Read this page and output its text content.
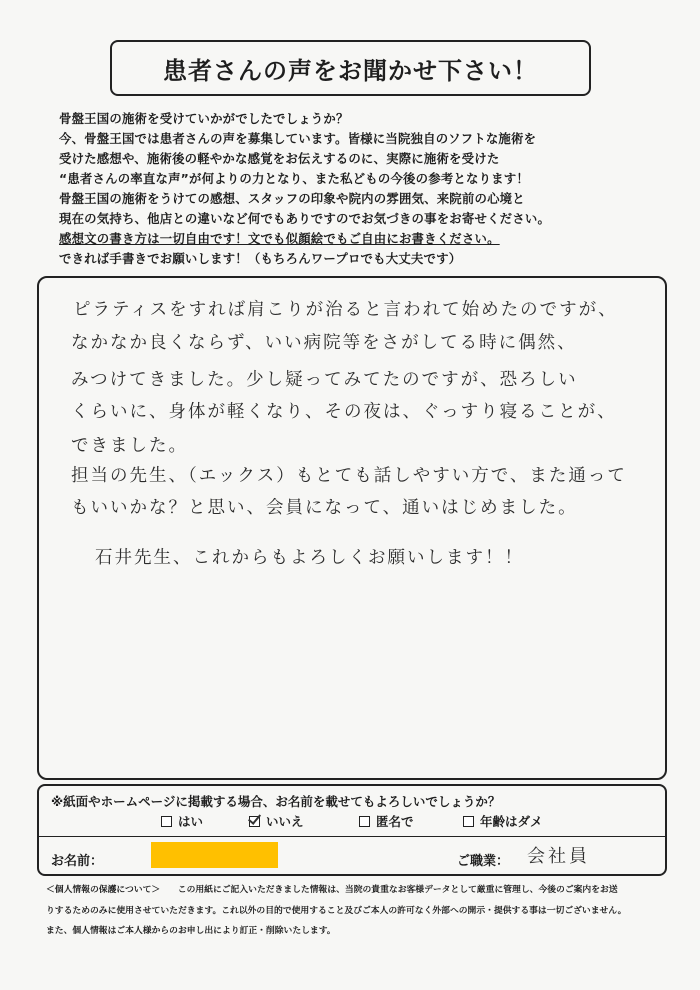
患者さんの声をお聞かせ下さい！
骨盤王国の施術を受けていかがでしたでしょうか？
今、骨盤王国では患者さんの声を募集しています。皆様に当院独自のソフトな施術を
受けた感想や、施術後の軽やかな感覚をお伝えするのに、実際に施術を受けた
“患者さんの率直な声”が何よりの力となり、また私どもの今後の参考となります！
骨盤王国の施術をうけての感想、スタッフの印象や院内の雰囲気、来院前の心境と
現在の気持ち、他店との違いなど何でもありですのでお気づきの事をお寄せください。
感想文の書き方は一切自由です！文でも似顔絵でもご自由にお書きください。
できれば手書きでお願いします！（もちろんワープロでも大丈夫です）
ピラティスをすれば肩こりが治ると言われて始めたのですが、
なかなか良くならず、いい病院等をさがしてる時に偶然、
みつけてきました。少し疑ってみてたのですが、恐ろしい
くらいに、身体が軽くなり、その夜は、ぐっすり寝ることが、
できました。
担当の先生、（エックス）もとても話しやすい方で、また通って
もいいかな？と思い、会員になって、通いはじめました。
石井先生、これからもよろしくお願いします！！
※紙面やホームページに掲載する場合、お名前を載せてもよろしいでしょうか？
はい	いいえ	匿名で	年齢はダメ
お名前：	ご職業： 会社員
＜個人情報の保護について＞　　この用紙にご記入いただきました情報は、当院の貴重なお客様データとして厳重に管理し、今後のご案内をお送
りするためのみに使用させていただきます。これ以外の目的で使用すること及びご本人の許可なく外部への開示・提供する事は一切ございません。
また、個人情報はご本人様からのお申し出により訂正・削除いたします。
